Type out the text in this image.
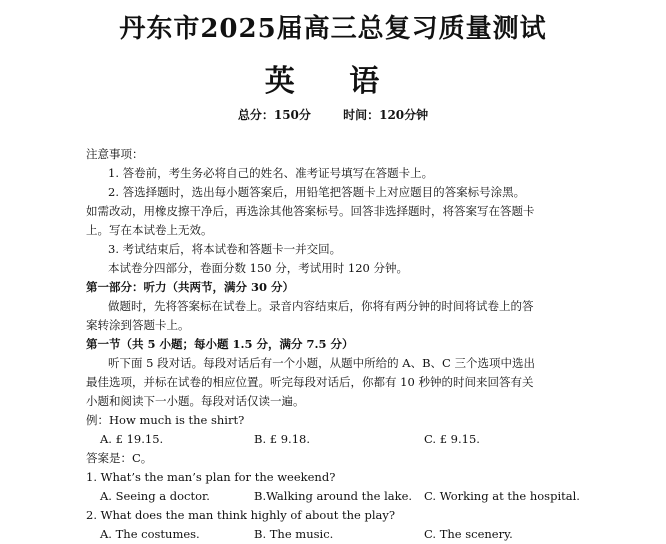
丹东市2025届高三总复习质量测试
英 语
总分：150分	时间：120分钟
注意事项：
1. 答卷前，考生务必将自己的姓名、准考证号填写在答题卡上。
2. 答选择题时，选出每小题答案后，用铅笔把答题卡上对应题目的答案标号涂黑。
如需改动，用橡皮擦干净后，再选涂其他答案标号。回答非选择题时，将答案写在答题卡
上。写在本试卷上无效。
3. 考试结束后，将本试卷和答题卡一并交回。
本试卷分四部分，卷面分数 150 分，考试用时 120 分钟。
第一部分：听力（共两节，满分 30 分）
做题时，先将答案标在试卷上。录音内容结束后，你将有两分钟的时间将试卷上的答
案转涂到答题卡上。
第一节（共 5 小题；每小题 1.5 分，满分 7.5 分）
听下面 5 段对话。每段对话后有一个小题，从题中所给的 A、B、C 三个选项中选出
最佳选项，并标在试卷的相应位置。听完每段对话后，你都有 10 秒钟的时间来回答有关
小题和阅读下一小题。每段对话仅读一遍。
例：How much is the shirt?
A. £ 19.15.	B. £ 9.18.	C. £ 9.15.
答案是：C。
1. What’s the man’s plan for the weekend?
A. Seeing a doctor.	B.Walking around the lake.	C. Working at the hospital.
2. What does the man think highly of about the play?
A. The costumes.	B. The music.	C. The scenery.
